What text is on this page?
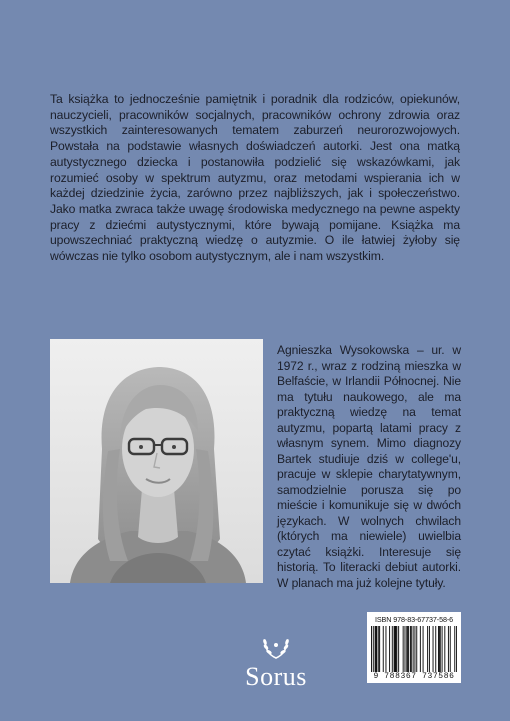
Ta książka to jednocześnie pamiętnik i poradnik dla rodziców, opiekunów, nauczycieli, pracowników socjalnych, pracowników ochrony zdrowia oraz wszystkich zainteresowanych tematem zaburzeń neurorozwojowych. Powstała na podstawie własnych doświadczeń autorki. Jest ona matką autystycznego dziecka i postanowiła podzielić się wskazówkami, jak rozumieć osoby w spektrum autyzmu, oraz metodami wspierania ich w każdej dziedzinie życia, zarówno przez najbliższych, jak i społeczeństwo. Jako matka zwraca także uwagę środowiska medycznego na pewne aspekty pracy z dziećmi autystycznymi, które bywają pomijane. Książka ma upowszechniać praktyczną wiedzę o autyzmie. O ile łatwiej żyłoby się wówczas nie tylko osobom autystycznym, ale i nam wszystkim.

Agnieszka Wysokowska – ur. w 1972 r., wraz z rodziną mieszka w Belfaście, w Irlandii Północnej. Nie ma tytułu naukowego, ale ma praktyczną wiedzę na temat autyzmu, popartą latami pracy z własnym synem. Mimo diagnozy Bartek studiuje dziś w college'u, pracuje w sklepie charytatywnym, samodzielnie porusza się po mieście i komunikuje się w dwóch językach. W wolnych chwilach (których ma niewiele) uwielbia czytać książki. Interesuje się historią. To literacki debiut autorki. W planach ma już kolejne tytuły.

Sorus
ISBN 978-83-67737-58-6
9 788367 737586
